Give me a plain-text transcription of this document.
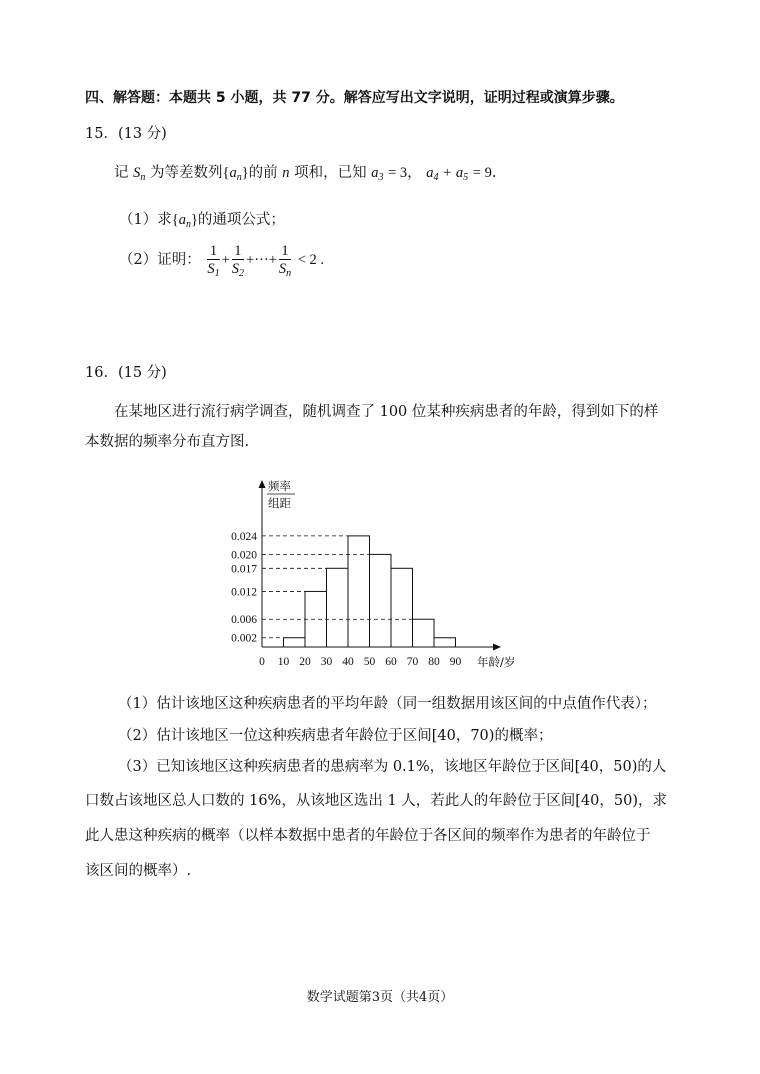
四、解答题：本题共 5 小题，共 77 分。解答应写出文字说明，证明过程或演算步骤。
15．(13 分)
记 $S_n$ 为等差数列$\{a_n\}$的前 n 项和，已知 $a_3 = 3$， $a_4 + a_5 = 9$.
（1）求$\{a_n\}$的通项公式；
（2）证明： $\frac{1}{S_1} + \frac{1}{S_2}$ +···+ $\frac{1}{S_n} < 2$ .
16．(15 分)
在某地区进行流行病学调查，随机调查了 100 位某种疾病患者的年龄，得到如下的样
本数据的频率分布直方图.
0.002
0.006
0.012
0.017
0.020
0.024
0 10 20 30 40 50 60 70 80 90 年龄/岁
频率
组距
（1）估计该地区这种疾病患者的平均年龄（同一组数据用该区间的中点值作代表）；
（2）估计该地区一位这种疾病患者年龄位于区间[40，70)的概率；
（3）已知该地区这种疾病患者的患病率为 0.1%，该地区年龄位于区间[40，50)的人
口数占该地区总人口数的 16%，从该地区选出 1 人，若此人的年龄位于区间[40，50)，求
此人患这种疾病的概率（以样本数据中患者的年龄位于各区间的频率作为患者的年龄位于
该区间的概率）.
数学试题第3页（共4页）
